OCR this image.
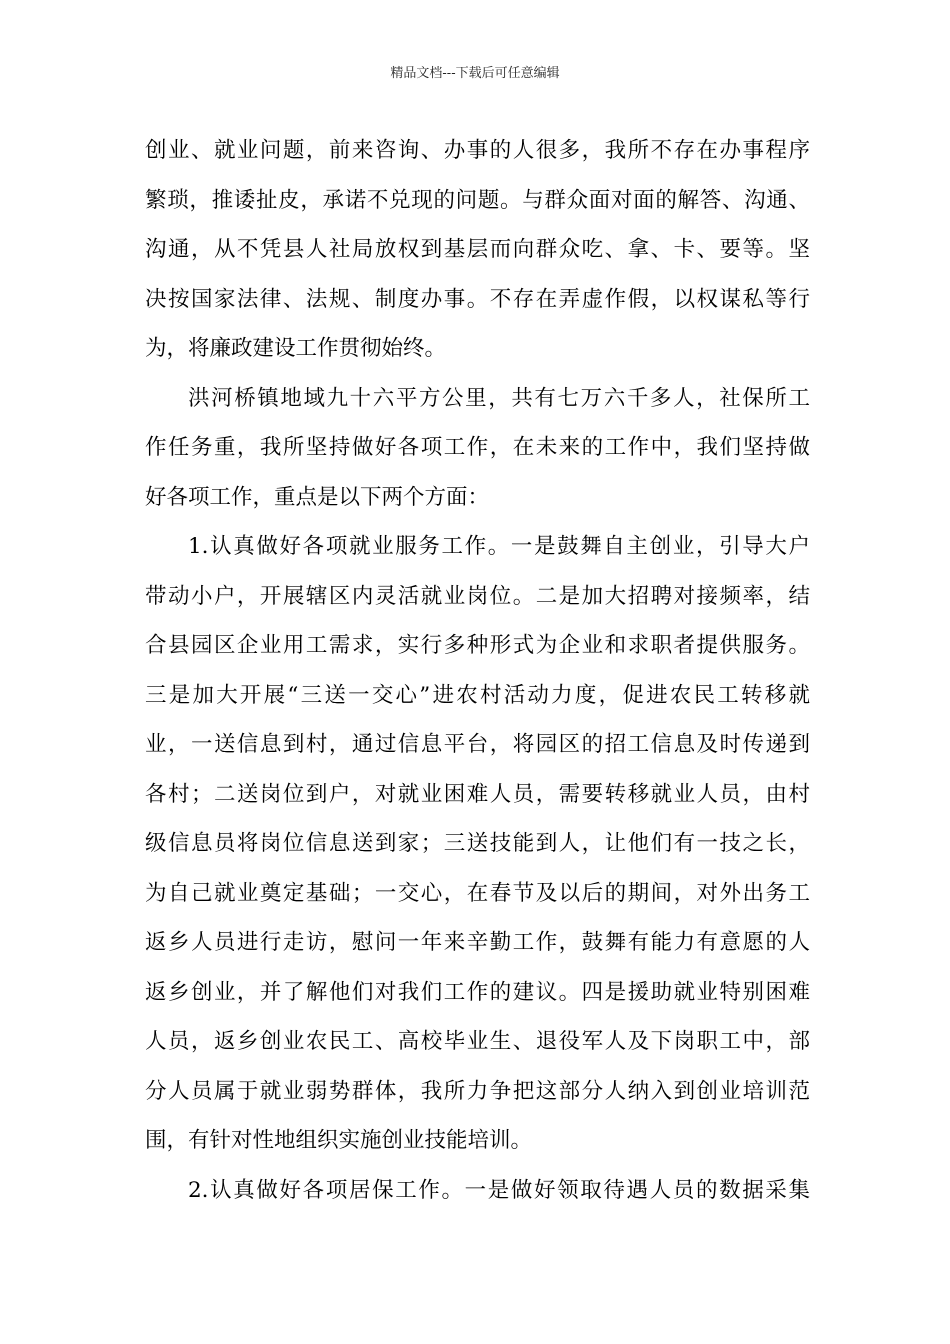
精品文档---下载后可任意编辑
创业、就业问题，前来咨询、办事的人很多，我所不存在办事程序
繁琐，推诿扯皮，承诺不兑现的问题。与群众面对面的解答、沟通、
沟通，从不凭县人社局放权到基层而向群众吃、拿、卡、要等。坚
决按国家法律、法规、制度办事。不存在弄虚作假，以权谋私等行
为，将廉政建设工作贯彻始终。
洪河桥镇地域九十六平方公里，共有七万六千多人，社保所工
作任务重，我所坚持做好各项工作，在未来的工作中，我们坚持做
好各项工作，重点是以下两个方面：
1.认真做好各项就业服务工作。一是鼓舞自主创业，引导大户
带动小户，开展辖区内灵活就业岗位。二是加大招聘对接频率，结
合县园区企业用工需求，实行多种形式为企业和求职者提供服务。
三是加大开展“三送一交心”进农村活动力度，促进农民工转移就
业，一送信息到村，通过信息平台，将园区的招工信息及时传递到
各村；二送岗位到户，对就业困难人员，需要转移就业人员，由村
级信息员将岗位信息送到家；三送技能到人，让他们有一技之长，
为自己就业奠定基础；一交心，在春节及以后的期间，对外出务工
返乡人员进行走访，慰问一年来辛勤工作，鼓舞有能力有意愿的人
返乡创业，并了解他们对我们工作的建议。四是援助就业特别困难
人员，返乡创业农民工、高校毕业生、退役军人及下岗职工中，部
分人员属于就业弱势群体，我所力争把这部分人纳入到创业培训范
围，有针对性地组织实施创业技能培训。
2.认真做好各项居保工作。一是做好领取待遇人员的数据采集
